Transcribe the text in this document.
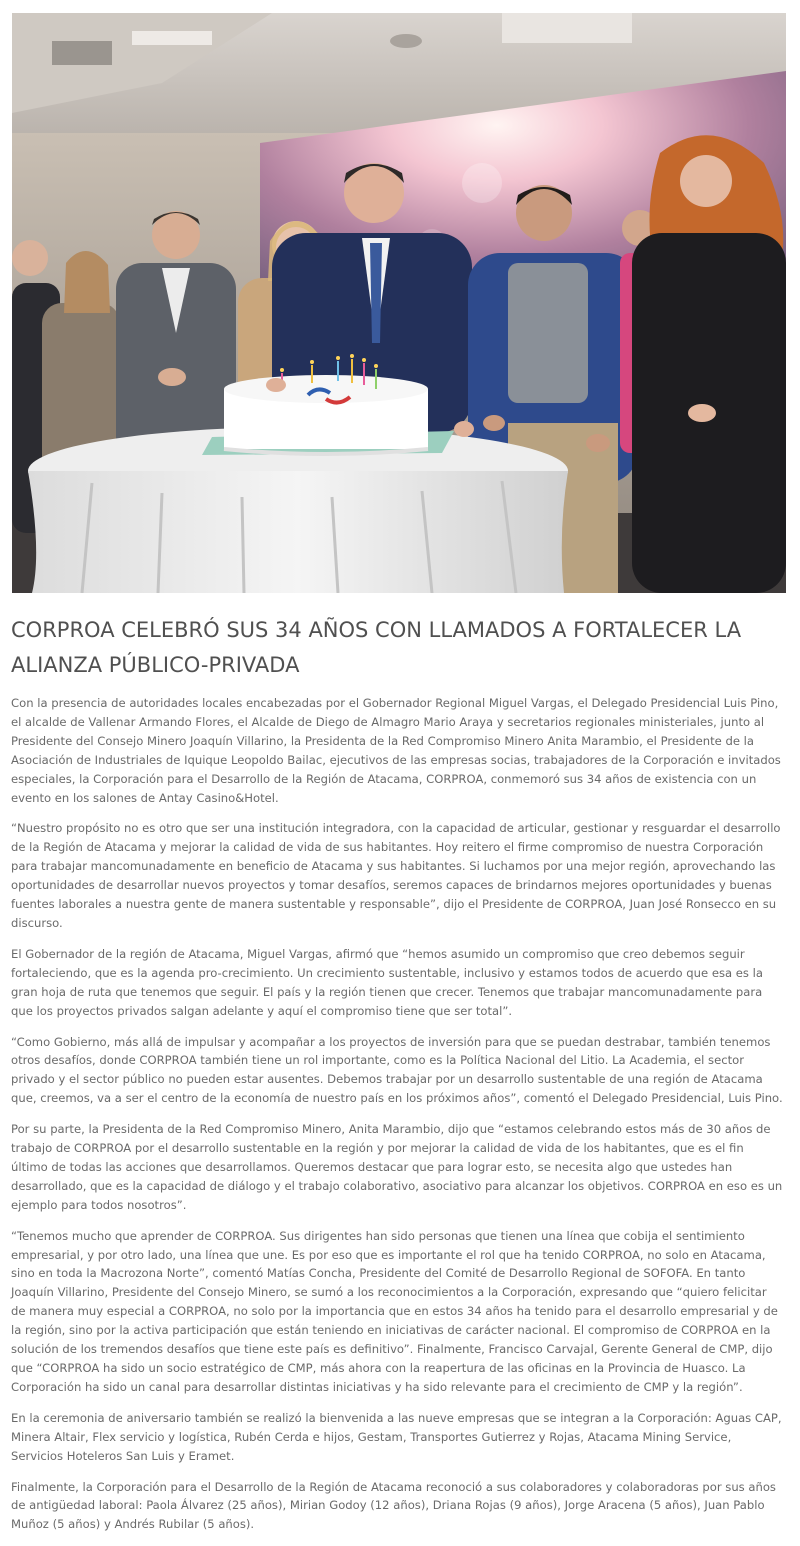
CORPROA CELEBRÓ SUS 34 AÑOS CON LLAMADOS A FORTALECER LA ALIANZA PÚBLICO-PRIVADA

Con la presencia de autoridades locales encabezadas por el Gobernador Regional Miguel Vargas, el Delegado Presidencial Luis Pino, el alcalde de Vallenar Armando Flores, el Alcalde de Diego de Almagro Mario Araya y secretarios regionales ministeriales, junto al Presidente del Consejo Minero Joaquín Villarino, la Presidenta de la Red Compromiso Minero Anita Marambio, el Presidente de la Asociación de Industriales de Iquique Leopoldo Bailac, ejecutivos de las empresas socias, trabajadores de la Corporación e invitados especiales, la Corporación para el Desarrollo de la Región de Atacama, CORPROA, conmemoró sus 34 años de existencia con un evento en los salones de Antay Casino&Hotel.

“Nuestro propósito no es otro que ser una institución integradora, con la capacidad de articular, gestionar y resguardar el desarrollo de la Región de Atacama y mejorar la calidad de vida de sus habitantes. Hoy reitero el firme compromiso de nuestra Corporación para trabajar mancomunadamente en beneficio de Atacama y sus habitantes. Si luchamos por una mejor región, aprovechando las oportunidades de desarrollar nuevos proyectos y tomar desafíos, seremos capaces de brindarnos mejores oportunidades y buenas fuentes laborales a nuestra gente de manera sustentable y responsable”, dijo el Presidente de CORPROA, Juan José Ronsecco en su discurso.

El Gobernador de la región de Atacama, Miguel Vargas, afirmó que “hemos asumido un compromiso que creo debemos seguir fortaleciendo, que es la agenda pro-crecimiento. Un crecimiento sustentable, inclusivo y estamos todos de acuerdo que esa es la gran hoja de ruta que tenemos que seguir. El país y la región tienen que crecer. Tenemos que trabajar mancomunadamente para que los proyectos privados salgan adelante y aquí el compromiso tiene que ser total”.

“Como Gobierno, más allá de impulsar y acompañar a los proyectos de inversión para que se puedan destrabar, también tenemos otros desafíos, donde CORPROA también tiene un rol importante, como es la Política Nacional del Litio. La Academia, el sector privado y el sector público no pueden estar ausentes. Debemos trabajar por un desarrollo sustentable de una región de Atacama que, creemos, va a ser el centro de la economía de nuestro país en los próximos años”, comentó el Delegado Presidencial, Luis Pino.

Por su parte, la Presidenta de la Red Compromiso Minero, Anita Marambio, dijo que “estamos celebrando estos más de 30 años de trabajo de CORPROA por el desarrollo sustentable en la región y por mejorar la calidad de vida de los habitantes, que es el fin último de todas las acciones que desarrollamos. Queremos destacar que para lograr esto, se necesita algo que ustedes han desarrollado, que es la capacidad de diálogo y el trabajo colaborativo, asociativo para alcanzar los objetivos. CORPROA en eso es un ejemplo para todos nosotros”.

“Tenemos mucho que aprender de CORPROA. Sus dirigentes han sido personas que tienen una línea que cobija el sentimiento empresarial, y por otro lado, una línea que une. Es por eso que es importante el rol que ha tenido CORPROA, no solo en Atacama, sino en toda la Macrozona Norte”, comentó Matías Concha, Presidente del Comité de Desarrollo Regional de SOFOFA. En tanto Joaquín Villarino, Presidente del Consejo Minero, se sumó a los reconocimientos a la Corporación, expresando que “quiero felicitar de manera muy especial a CORPROA, no solo por la importancia que en estos 34 años ha tenido para el desarrollo empresarial y de la región, sino por la activa participación que están teniendo en iniciativas de carácter nacional. El compromiso de CORPROA en la solución de los tremendos desafíos que tiene este país es definitivo”. Finalmente, Francisco Carvajal, Gerente General de CMP, dijo que “CORPROA ha sido un socio estratégico de CMP, más ahora con la reapertura de las oficinas en la Provincia de Huasco. La Corporación ha sido un canal para desarrollar distintas iniciativas y ha sido relevante para el crecimiento de CMP y la región”.

En la ceremonia de aniversario también se realizó la bienvenida a las nueve empresas que se integran a la Corporación: Aguas CAP, Minera Altair, Flex servicio y logística, Rubén Cerda e hijos, Gestam, Transportes Gutierrez y Rojas, Atacama Mining Service, Servicios Hoteleros San Luis y Eramet.

Finalmente, la Corporación para el Desarrollo de la Región de Atacama reconoció a sus colaboradores y colaboradoras por sus años de antigüedad laboral: Paola Álvarez (25 años), Mirian Godoy (12 años), Driana Rojas (9 años), Jorge Aracena (5 años), Juan Pablo Muñoz (5 años) y Andrés Rubilar (5 años).
